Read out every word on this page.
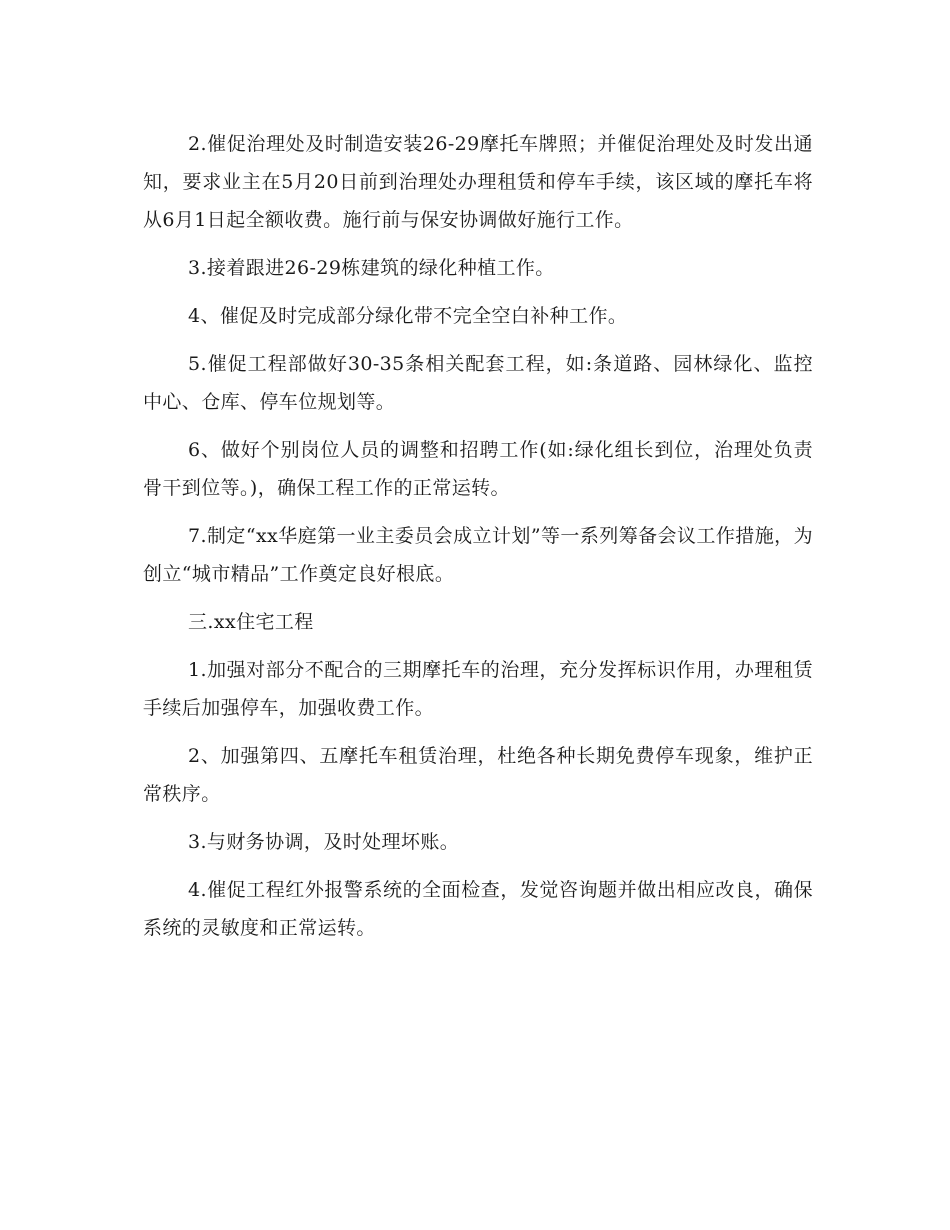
2.催促治理处及时制造安装26-29摩托车牌照；并催促治理处及时发出通知，要求业主在5月20日前到治理处办理租赁和停车手续，该区域的摩托车将从6月1日起全额收费。施行前与保安协调做好施行工作。

3.接着跟进26-29栋建筑的绿化种植工作。

4、催促及时完成部分绿化带不完全空白补种工作。

5.催促工程部做好30-35条相关配套工程，如:条道路、园林绿化、监控中心、仓库、停车位规划等。

6、做好个别岗位人员的调整和招聘工作(如:绿化组长到位，治理处负责骨干到位等。)，确保工程工作的正常运转。

7.制定“xx华庭第一业主委员会成立计划”等一系列筹备会议工作措施，为创立“城市精品”工作奠定良好根底。

三.xx住宅工程

1.加强对部分不配合的三期摩托车的治理，充分发挥标识作用，办理租赁手续后加强停车，加强收费工作。

2、加强第四、五摩托车租赁治理，杜绝各种长期免费停车现象，维护正常秩序。

3.与财务协调，及时处理坏账。

4.催促工程红外报警系统的全面检查，发觉咨询题并做出相应改良，确保系统的灵敏度和正常运转。
